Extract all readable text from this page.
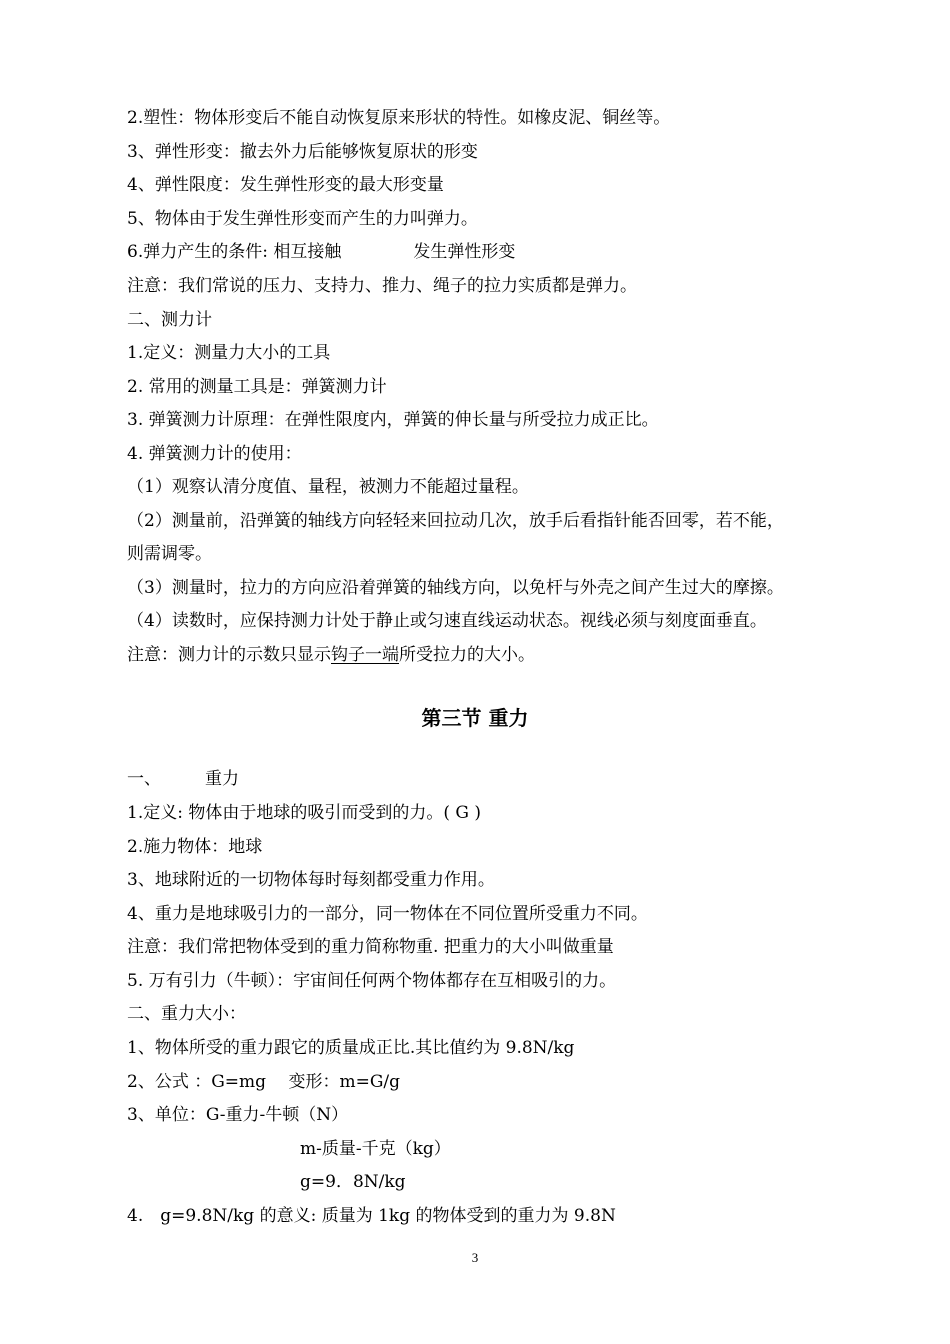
2.塑性：物体形变后不能自动恢复原来形状的特性。如橡皮泥、铜丝等。
3、弹性形变：撤去外力后能够恢复原状的形变
4、弹性限度：发生弹性形变的最大形变量
5、物体由于发生弹性形变而产生的力叫弹力。
6.弹力产生的条件: 相互接触	发生弹性形变
注意：我们常说的压力、支持力、推力、绳子的拉力实质都是弹力。
二、测力计
1.定义：测量力大小的工具
2. 常用的测量工具是：弹簧测力计
3. 弹簧测力计原理：在弹性限度内，弹簧的伸长量与所受拉力成正比。
4. 弹簧测力计的使用：
（1）观察认清分度值、量程，被测力不能超过量程。
（2）测量前，沿弹簧的轴线方向轻轻来回拉动几次，放手后看指针能否回零，若不能，
则需调零。
（3）测量时，拉力的方向应沿着弹簧的轴线方向，以免杆与外壳之间产生过大的摩擦。
（4）读数时，应保持测力计处于静止或匀速直线运动状态。视线必须与刻度面垂直。
注意：测力计的示数只显示钩子一端所受拉力的大小。
第三节 重力
一、	重力
1.定义: 物体由于地球的吸引而受到的力。( G )
2.施力物体：地球
3、地球附近的一切物体每时每刻都受重力作用。
4、重力是地球吸引力的一部分，同一物体在不同位置所受重力不同。
注意：我们常把物体受到的重力简称物重. 把重力的大小叫做重量
5. 万有引力（牛顿）：宇宙间任何两个物体都存在互相吸引的力。
二、重力大小：
1、物体所受的重力跟它的质量成正比.其比值约为 9.8N/kg
2、公式 ：G=mg　 变形：m=G/g
3、单位：G-重力-牛顿（N）
m-质量-千克（kg）
g=9．8N/kg
4.　g=9.8N/kg 的意义: 质量为 1kg 的物体受到的重力为 9.8N
3
